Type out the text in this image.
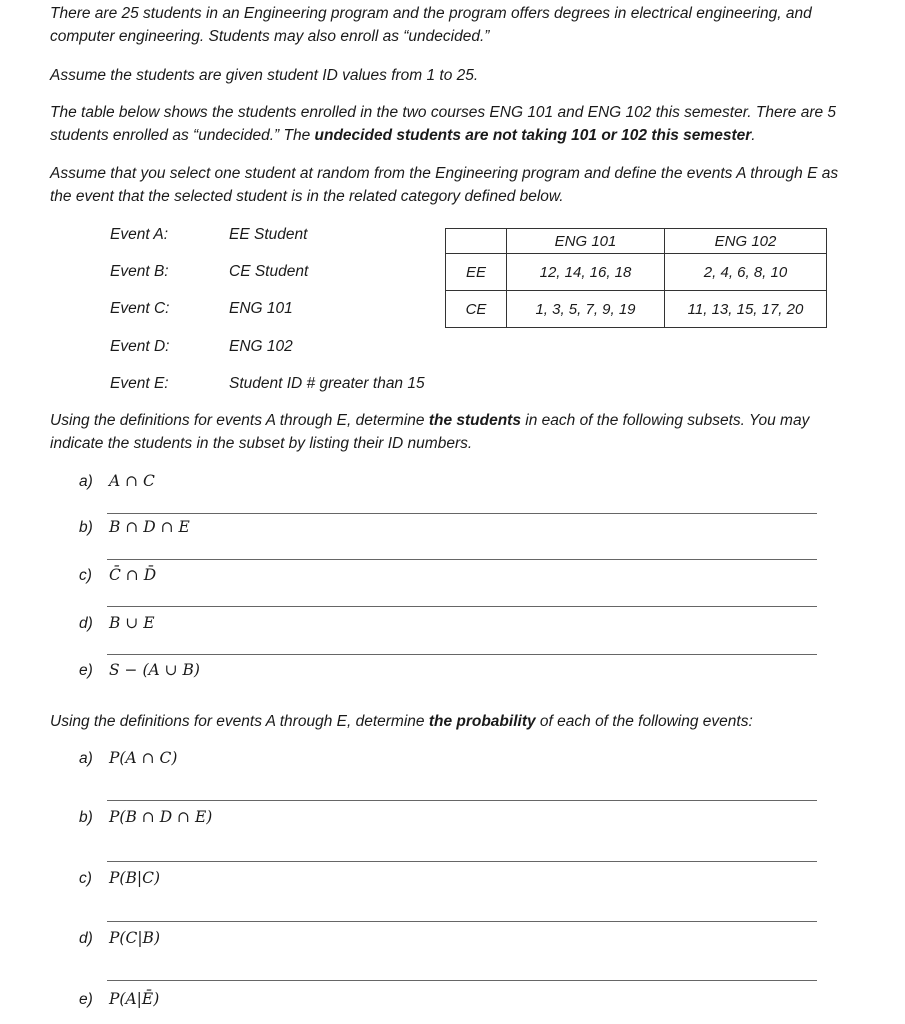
There are 25 students in an Engineering program and the program offers degrees in electrical engineering, and computer engineering. Students may also enroll as “undecided.”
Assume the students are given student ID values from 1 to 25.
The table below shows the students enrolled in the two courses ENG 101 and ENG 102 this semester. There are 5 students enrolled as “undecided.” The undecided students are not taking 101 or 102 this semester.
Assume that you select one student at random from the Engineering program and define the events A through E as the event that the selected student is in the related category defined below.
Event A:	EE Student
Event B:	CE Student
Event C:	ENG 101
Event D:	ENG 102
Event E:	Student ID # greater than 15
	ENG 101	ENG 102
EE	12, 14, 16, 18	2, 4, 6, 8, 10
CE	1, 3, 5, 7, 9, 19	11, 13, 15, 17, 20
Using the definitions for events A through E, determine the students in each of the following subsets. You may indicate the students in the subset by listing their ID numbers.
a) A ∩ C
b) B ∩ D ∩ E
c) C̄ ∩ D̄
d) B ∪ E
e) S − (A ∪ B)
Using the definitions for events A through E, determine the probability of each of the following events:
a) P(A ∩ C)
b) P(B ∩ D ∩ E)
c) P(B|C)
d) P(C|B)
e) P(A|Ē)
